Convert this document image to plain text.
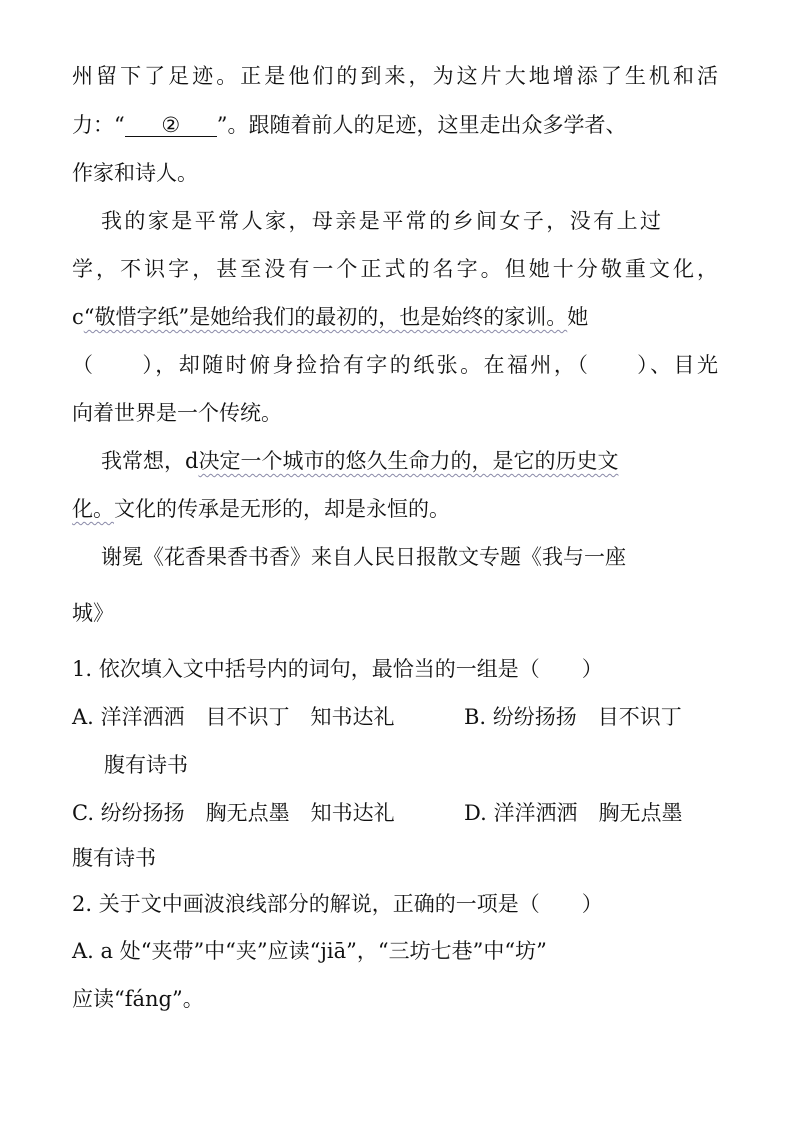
州留下了足迹。正是他们的到来，为这片大地增添了生机和活
力：“ ② ”。跟随着前人的足迹，这里走出众多学者、
作家和诗人。
我的家是平常人家，母亲是平常的乡间女子，没有上过
学，不识字，甚至没有一个正式的名字。但她十分敬重文化，
c“敬惜字纸”是她给我们的最初的，也是始终的家训。她
（　　），却随时俯身捡拾有字的纸张。在福州，（　　）、目光
向着世界是一个传统。
我常想，d决定一个城市的悠久生命力的，是它的历史文
化。文化的传承是无形的，却是永恒的。
谢冕《花香果香书香》来自人民日报散文专题《我与一座
城》
1. 依次填入文中括号内的词句，最恰当的一组是（　　）
A. 洋洋洒洒　目不识丁　知书达礼	B. 纷纷扬扬　目不识丁
腹有诗书
C. 纷纷扬扬　胸无点墨　知书达礼	D. 洋洋洒洒　胸无点墨
腹有诗书
2. 关于文中画波浪线部分的解说，正确的一项是（　　）
A. a 处“夹带”中“夹”应读“jiā”，“三坊七巷”中“坊”
应读“fáng”。
